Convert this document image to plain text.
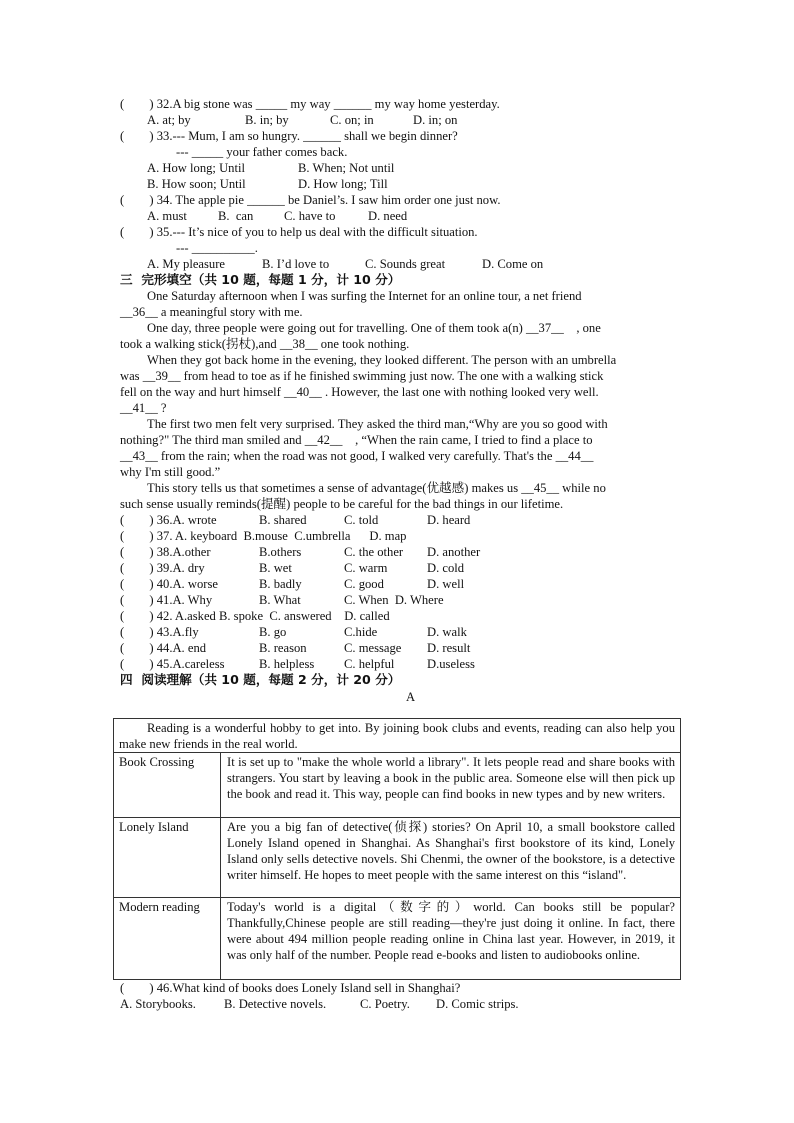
(        ) 32.A big stone was _____ my way ______ my way home yesterday.
A. at; by	B. in; by	C. on; in	D. in; on
(        ) 33.--- Mum, I am so hungry. ______ shall we begin dinner?
--- _____ your father comes back.
A. How long; Until	B. When; Not until
B. How soon; Until	D. How long; Till
(        ) 34. The apple pie ______ be Daniel’s. I saw him order one just now.
A. must B.  can C. have to	D. need
(        ) 35.--- It’s nice of you to help us deal with the difficult situation.
--- __________.
A. My pleasure	B. I’d love to	C. Sounds great	D. Come on
三  完形填空（共 10 题，每题 1 分，计 10 分）
One Saturday afternoon when I was surfing the Internet for an online tour, a net friend
__36__ a meaningful story with me.
One day, three people were going out for travelling. One of them took a(n) __37__    , one
took a walking stick(拐杖),and __38__ one took nothing.
When they got back home in the evening, they looked different. The person with an umbrella
was __39__ from head to toe as if he finished swimming just now. The one with a walking stick
fell on the way and hurt himself __40__ . However, the last one with nothing looked very well.
__41__ ?
The first two men felt very surprised. They asked the third man,“Why are you so good with
nothing?" The third man smiled and __42__    , “When the rain came, I tried to find a place to
__43__ from the rain; when the road was not good, I walked very carefully. That's the __44__
why I'm still good.”
This story tells us that sometimes a sense of advantage(优越感) makes us __45__ while no
such sense usually reminds(提醒) people to be careful for the bad things in our lifetime.
(        ) 36.A. wrote	B. shared	C. told	D. heard
(        ) 37. A. keyboard  B.mouse  C.umbrella      D. map
(        ) 38.A.other	B.others	C. the other D. another
(        ) 39.A. dry	B. wet	C. warm	D. cold
(        ) 40.A. worse	B. badly	C. good	D. well
(        ) 41.A. Why	B. What	C. When  D. Where
(        ) 42. A.asked B. spoke  C. answered    D. called
(        ) 43.A.fly	B. go	C.hide	D. walk
(        ) 44.A. end	B. reason	C. message D. result
(        ) 45.A.careless	B. helpless C. helpful	D.useless
四  阅读理解（共 10 题，每题 2 分，计 20 分）
A
Reading is a wonderful hobby to get into. By joining book clubs and events, reading can also help you make new friends in the real world.
Book Crossing	It is set up to "make the whole world a library". It lets people read and share books with strangers. You start by leaving a book in the public area. Someone else will then pick up the book and read it. This way, people can find books in new types and by new writers.
Lonely Island	Are you a big fan of detective(侦探) stories? On April 10, a small bookstore called Lonely Island opened in Shanghai. As Shanghai's first bookstore of its kind, Lonely Island only sells detective novels. Shi Chenmi, the owner of the bookstore, is a detective writer himself. He hopes to meet people with the same interest on this “island".
Modern reading	Today's world is a digital（数字的）world. Can books still be popular? Thankfully,Chinese people are still reading—they're just doing it online. In fact, there were about 494 million people reading online in China last year. However, in 2019, it was only half of the number. People read e-books and listen to audiobooks online.
(        ) 46.What kind of books does Lonely Island sell in Shanghai?
A. Storybooks. B. Detective novels.	C. Poetry. D. Comic strips.
